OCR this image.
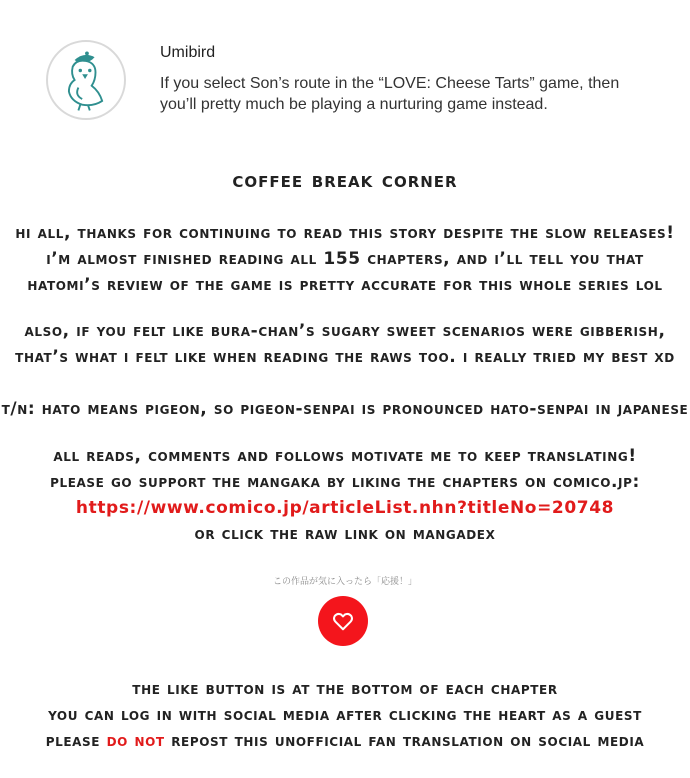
Umibird
If you select Son’s route in the “LOVE: Cheese Tarts” game, then you’ll pretty much be playing a nurturing game instead.
coffee break corner
hi all, thanks for continuing to read this story despite the slow releases!
i’m almost finished reading all 155 chapters, and i’ll tell you that
hatomi’s review of the game is pretty accurate for this whole series lol
also, if you felt like bura-chan’s sugary sweet scenarios were gibberish,
that’s what i felt like when reading the raws too. i really tried my best xd
t/n: hato means pigeon, so pigeon-senpai is pronounced hato-senpai in japanese
all reads, comments and follows motivate me to keep translating!
please go support the mangaka by liking the chapters on comico.jp:
https://www.comico.jp/articleList.nhn?titleNo=20748
or click the raw link on mangadex
この作品が気に入ったら「応援！」
the like button is at the bottom of each chapter
you can log in with social media after clicking the heart as a guest
please do not repost this unofficial fan translation on social media
